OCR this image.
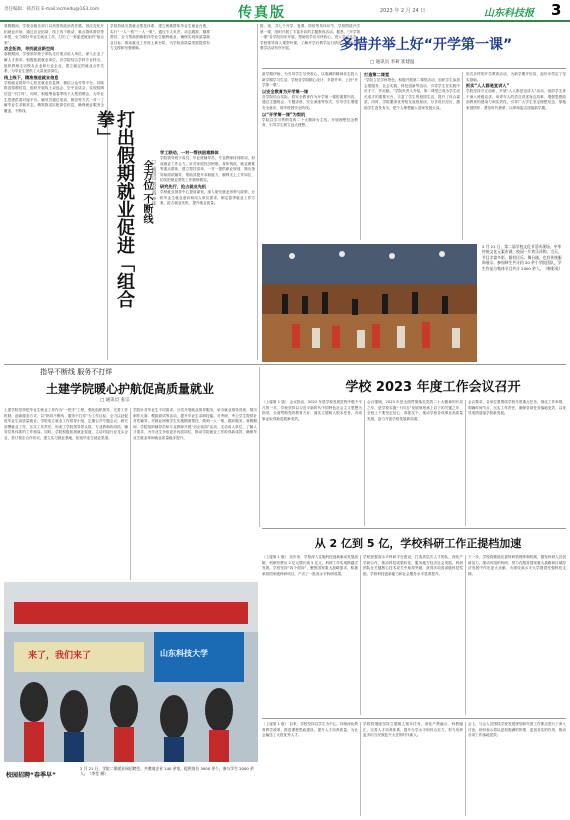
责任编辑：韩苏钰 E-mail:ecmedu@163.com	传真版	2023 年 2 月 24 日	山东科技报 3
寒假期间，学校各级各部门以高度的政治责任感，因应变化开拓就业市场，通过访企拓岗、线上线下联动、重点群体帮扶等举措，全力做好毕业生就业工作，打出了一套促进就业的“组合拳”。
访企拓岗，寻找就业新空间
寒假期间，学校领导班子带队走访重点用人单位，深入企业了解人才需求，积极拓展就业岗位。各学院结合学科专业特点，组织教师走访校友企业和行业企业，建立稳定的就业合作关系，为毕业生提供了大量优质岗位。
线上线下，精准推送就业信息
学校就业指导中心依托就业信息网、微信公众号等平台，持续推送招聘信息，组织开展线上双选会、空中宣讲会，实现招聘信息“不打烊”。同时，积极筹备春季线下大型招聘会，为毕业生搭建供需对接平台。辅导员通过电话、微信等方式一对一了解毕业生求职状态，精准推送匹配岗位信息，确保就业服务全覆盖、不断线。	打出假期就业促进「组合拳」
全方位 不断线 □ 通讯员 刘英英 李泽
学校持续完善就业帮扶体系，建立困难群体毕业生就业台账，实行“一人一档”“一人一策”，通过专人负责、动态跟踪、精准帮扶，全力帮助困难群体毕业生顺利就业，确保实现高质量就业目标，推动就业工作再上新台阶，为学校高质量发展提供有力支撑和坚强保障。
学工联动，一对一帮扶困难群体
学院领导班子成员、毕业班辅导员、专业教师协同联动，形成就业工作合力。针对家庭经济困难、身体残疾、就业困难等重点群体，建立帮扶清单，一对一提供职业规划、简历指导和面试辅导，帮助其提升求职能力，顺利走上工作岗位，切实把就业帮扶工作做细做实。
研究先行，抢占就业先机
学校就业指导中心提前谋划，深入研究就业形势与政策，分析毕业生就业意向和用人单位需求，制定春季就业工作方案，抢占就业先机，提升就业质量。
推、现，共七个开学、复课、防疫等具体环节，学校围绕开学第一课，组织开展了丰富多彩的主题教育活动。据悉，“开学第一课”各学院同步开展，帮助同学们尽快收心，进入学习状态。学校领导深入课堂听课，了解开学后教学运行情况，确保各项教学活动有序开展。	多措并举上好“开学第一课”
□ 通讯员 李莉 崔建温
新学期伊始，为引导学生尽快收心，以饱满的精神状态投入新学期学习生活，学校各学院精心设计、多措并举，上好“开学第一课”。
以安全教育为开学第一课
各学院结合实际，将安全教育作为开学第一课的重要内容，通过主题班会、专题讲座、安全演练等形式，引导学生增强安全意识，筑牢校园安全防线。
以“开学第一课”为契机
学院以学习贯彻党的二十大精神为主线，开展理想信念教育，引导学生树立远大理想。
打造第二课堂
“学院立足学科特色，积极开展第二课堂活动，组织学生参加志愿服务、社会实践、科技创新等活动，引导学生在实践中长才干、作贡献。”学院负责人介绍，第二课堂已成为学生成长成才的重要平台，丰富了学生的校园生活，提升了综合素质。同时，学院邀请优秀校友返校座谈，分享成长经历，激励学生奋发有为，把个人理想融入国家发展大局。
形式多样的开学教育活动，为新学期开好局、起好步奠定了坚实基础。
抓实“人人都是宣讲人”
学院坚持守正创新，开展“人人都是宣讲人”活动，组织学生骨干深入班级宣讲，用青年人的语言讲述身边故事，增强思想政治教育的感染力和实效性，引导广大学生坚定理想信念、厚植家国情怀、勇担时代使命，以昂扬姿态迎接新学期。
2 月 21 日，第二届学校文化节活动现场，中华传统文化元素布满，校园一片欢乐祥和。当天，节目丰富多彩，既有民乐、舞台剧，也有传统服饰展示，参加师生共计约 20 余个学院团队，学生作品与集体节目共计 2000 余人。（韩彩英）
指导不断线 服务不打烊
土建学院暖心护航促高质量就业
□ 通讯员 张宗
土建学院坚持把毕业生就业工作作为“一把手”工程，强化组织领导，完善工作机制，创新服务方式，以“指导不断线、服务不打烊”为工作目标，全力以赴促进毕业生高质量就业。学院成立就业工作领导小组，定期召开专题会议，研究部署就业工作，压实工作责任，形成了学院领导带头抓、专业教师协同抓、辅导员具体抓的工作格局。同时，学院积极拓展就业渠道，主动对接行业龙头企业，签订校企合作协议，建立实习就业基地，拓宽毕业生就业渠道。
学院针对毕业生不同需求，分类开展就业指导服务，举办就业指导讲座、简历制作大赛、模拟面试等活动，提升毕业生求职技能。对考研、考公学生提供针对性辅导，对就业困难学生实施精准帮扶，做到一人一策、跟踪服务。寒假期间，学院组织辅导员和专业教师开展“访企拓岗”活动，走访用人单位，了解人才需求，为毕业生争取更多优质岗位，推动学院就业工作取得新成效，确保毕业生就业率和就业质量稳步提升。
学校 2023 年度工作会议召开
（上接第 1 版） 会议指出，2022 年是学校发展进程中极不平凡的一年，学校坚持以习近平新时代中国特色社会主义思想为指导，全面贯彻党的教育方针，落实立德树人根本任务，各项事业取得新进展新成效。
会议强调，2023 年是全面贯彻落实党的二十大精神的开局之年，是学校实施“十四五”发展规划承上启下的关键之年，全校上下要坚定信心、真抓实干，推动学校各项事业高质量发展，奋力开创学校发展新局面。
会议要求，各单位要围绕学校年度重点任务，细化工作举措，明确时间节点，压实工作责任，确保各项任务落地见效，以优异成绩迎接学校新发展。
从 2 亿到 5 亿，学校科研工作正提档加速
（上接第 1 版） 近年来，学校深入实施科技创新驱动发展战略，科研经费从 2 亿元增长到 5 亿元，科研工作实现跨越式发展。学校坚持“四个面向”，聚焦国家重大战略需求，积极承担国家级科研项目，产出了一批高水平科研成果。
学校加强高水平科研平台建设，打造高层次人才团队，深化产学研合作，推动科技成果转化，服务地方经济社会发展。科研团队在关键核心技术攻关中取得突破，获得多项省部级科技奖励，学校科技创新能力和社会服务水平显著提升。
下一步，学校将继续完善科研管理体制机制，激发科研人员创新活力，推动有组织科研，努力在服务国家重大战略和区域经济发展中作出更大贡献，为建设高水平大学提供坚强科技支撑。
来了，我们来了	山东科技大学
校园招聘“春季早”
2 月 21 日，学院二期就业网招聘会。共邀请企业 140 余家，提供岗位 3000 余个，参与学生 2000 余人。（李莹 摄）
（上接第 1 版） 以来，学校坚持以学生为中心，持续深化教育教学改革，推进课程思政建设，提升人才培养质量，为社会输送了大批优秀人才。
学校将继续坚持立德树人根本任务，深化产教融合、科教融汇，完善人才培养体系，提升办学水平和综合实力，努力培养更多担当民族复兴大任的时代新人。
会上，与会人员围绕学校发展规划和年度工作要点进行了深入讨论，纷纷表示将以更加饱满的热情、更加务实的作风，推动各项工作落地见效。
